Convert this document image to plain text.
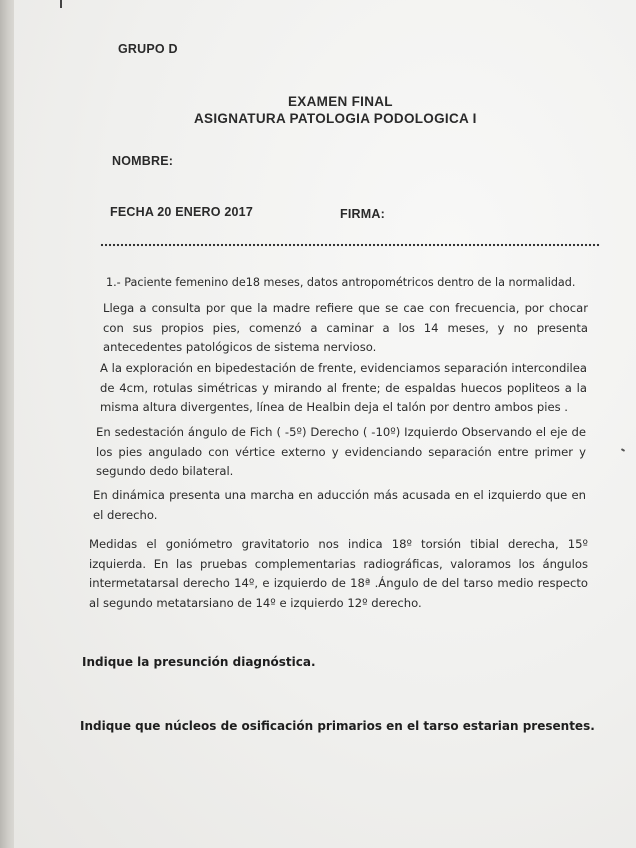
GRUPO D
EXAMEN FINAL
ASIGNATURA PATOLOGIA PODOLOGICA I
NOMBRE:
FECHA 20 ENERO 2017	FIRMA:
1.- Paciente femenino de18 meses, datos antropométricos dentro de la normalidad.
Llega a consulta por que la madre refiere que se cae con frecuencia, por chocar con sus propios pies, comenzó a caminar a los 14 meses, y no presenta antecedentes patológicos de sistema nervioso.
A la exploración en bipedestación de frente, evidenciamos separación intercondilea de 4cm, rotulas simétricas y mirando al frente; de espaldas huecos popliteos a la misma altura divergentes, línea de Healbin deja el talón por dentro ambos pies .
En sedestación ángulo de Fich ( -5º) Derecho ( -10º) Izquierdo Observando el eje de los pies angulado con vértice externo y evidenciando separación entre primer y segundo dedo bilateral.
En dinámica presenta una marcha en aducción más acusada en el izquierdo que en el derecho.
Medidas el goniómetro gravitatorio nos indica 18º torsión tibial derecha, 15º izquierda. En las pruebas complementarias radiográficas, valoramos los ángulos intermetatarsal derecho 14º, e izquierdo de 18ª .Ángulo de del tarso medio respecto al segundo metatarsiano de 14º e izquierdo 12º derecho.
Indique la presunción diagnóstica.
Indique que núcleos de osificación primarios en el tarso estarian presentes.
